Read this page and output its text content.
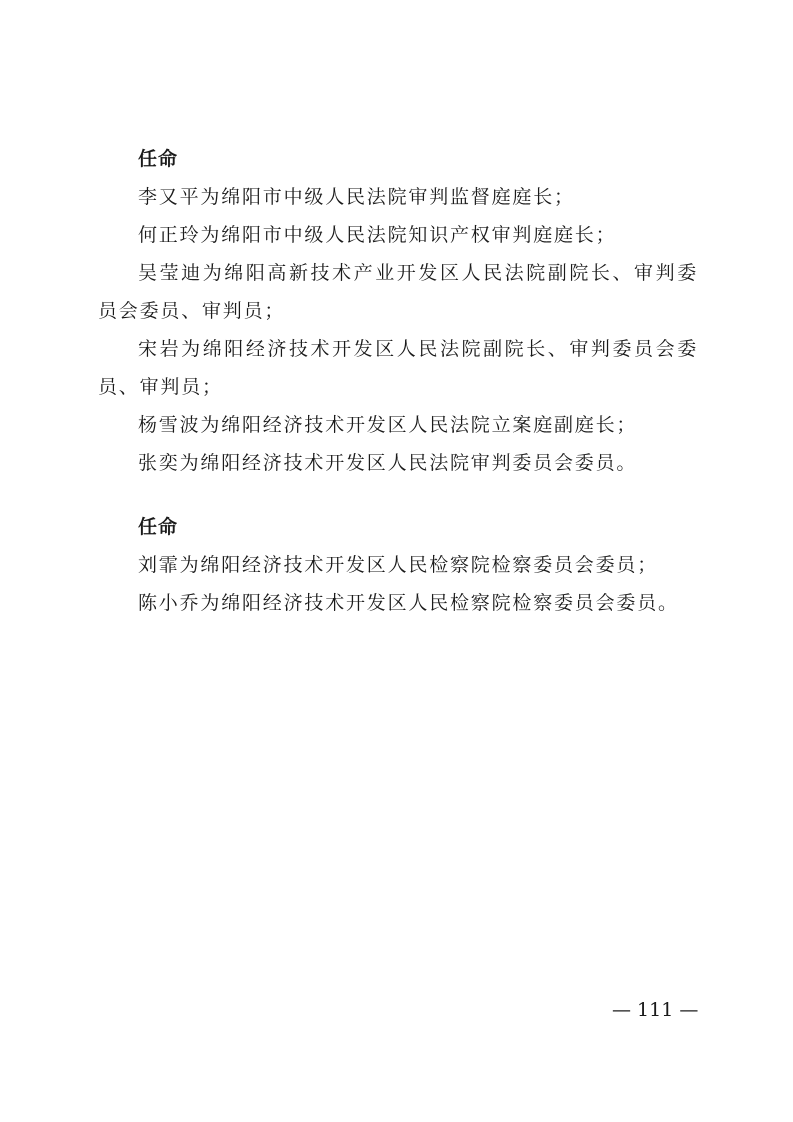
任命

李又平为绵阳市中级人民法院审判监督庭庭长；

何正玲为绵阳市中级人民法院知识产权审判庭庭长；

吴莹迪为绵阳高新技术产业开发区人民法院副院长、审判委员会委员、审判员；

宋岩为绵阳经济技术开发区人民法院副院长、审判委员会委员、审判员；

杨雪波为绵阳经济技术开发区人民法院立案庭副庭长；

张奕为绵阳经济技术开发区人民法院审判委员会委员。

任命

刘霏为绵阳经济技术开发区人民检察院检察委员会委员；

陈小乔为绵阳经济技术开发区人民检察院检察委员会委员。

— 111 —
